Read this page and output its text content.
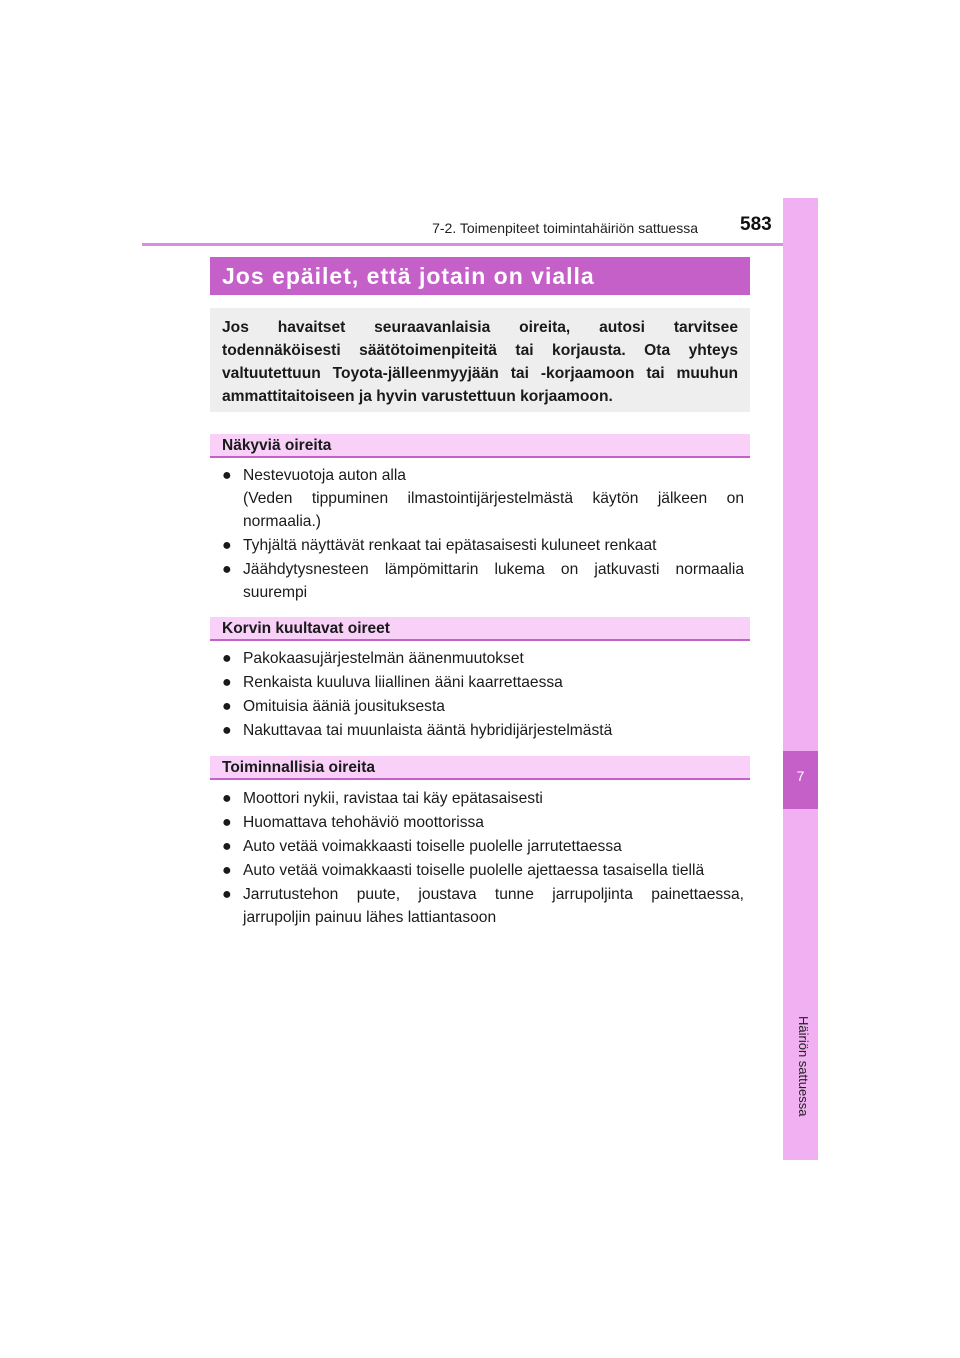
7-2. Toimenpiteet toimintahäiriön sattuessa 583
7
Häiriön sattuessa
Jos epäilet, että jotain on vialla
Jos havaitset seuraavanlaisia oireita, autosi tarvitsee todennäköisesti säätötoimenpiteitä tai korjausta. Ota yhteys valtuutettuun Toyota-jälleenmyyjään tai -korjaamoon tai muuhun ammattitaitoiseen ja hyvin varustettuun korjaamoon.
Näkyviä oireita
● Nestevuotoja auton alla
(Veden tippuminen ilmastointijärjestelmästä käytön jälkeen on normaalia.)
● Tyhjältä näyttävät renkaat tai epätasaisesti kuluneet renkaat
● Jäähdytysnesteen lämpömittarin lukema on jatkuvasti normaalia suurempi
Korvin kuultavat oireet
● Pakokaasujärjestelmän äänenmuutokset
● Renkaista kuuluva liiallinen ääni kaarrettaessa
● Omituisia ääniä jousituksesta
● Nakuttavaa tai muunlaista ääntä hybridijärjestelmästä
Toiminnallisia oireita
● Moottori nykii, ravistaa tai käy epätasaisesti
● Huomattava tehohäviö moottorissa
● Auto vetää voimakkaasti toiselle puolelle jarrutettaessa
● Auto vetää voimakkaasti toiselle puolelle ajettaessa tasaisella tiellä
● Jarrutustehon puute, joustava tunne jarrupoljinta painettaessa, jarrupoljin painuu lähes lattiantasoon
